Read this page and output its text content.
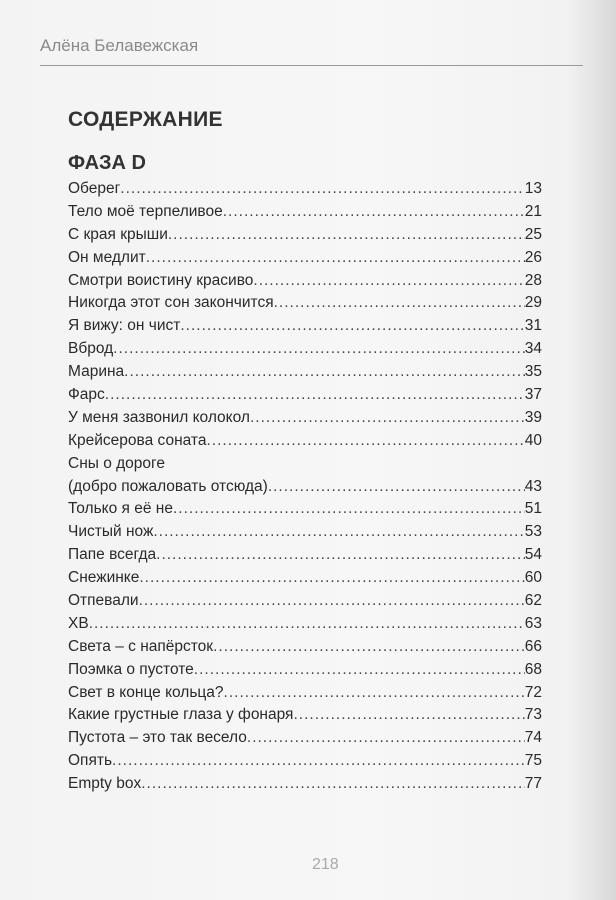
Алёна Белавежская
СОДЕРЖАНИЕ
ФАЗА D
Оберег .....	13
Тело моё терпеливое .....	21
С края крыши .....	25
Он медлит .....	26
Смотри воистину красиво .....	28
Никогда этот сон закончится .....	29
Я вижу: он чист .....	31
Вброд .....	34
Марина .....	35
Фарс .....	37
У меня зазвонил колокол .....	39
Крейсерова соната .....	40
Сны о дороге
(добро пожаловать отсюда) .....	43
Только я её не .....	51
Чистый нож .....	53
Папе всегда .....	54
Снежинке .....	60
Отпевали .....	62
ХВ .....	63
Света – с напёрсток .....	66
Поэмка о пустоте .....	68
Свет в конце кольца? .....	72
Какие грустные глаза у фонаря .....	73
Пустота – это так весело .....	74
Опять .....	75
Empty box .....	77
218
